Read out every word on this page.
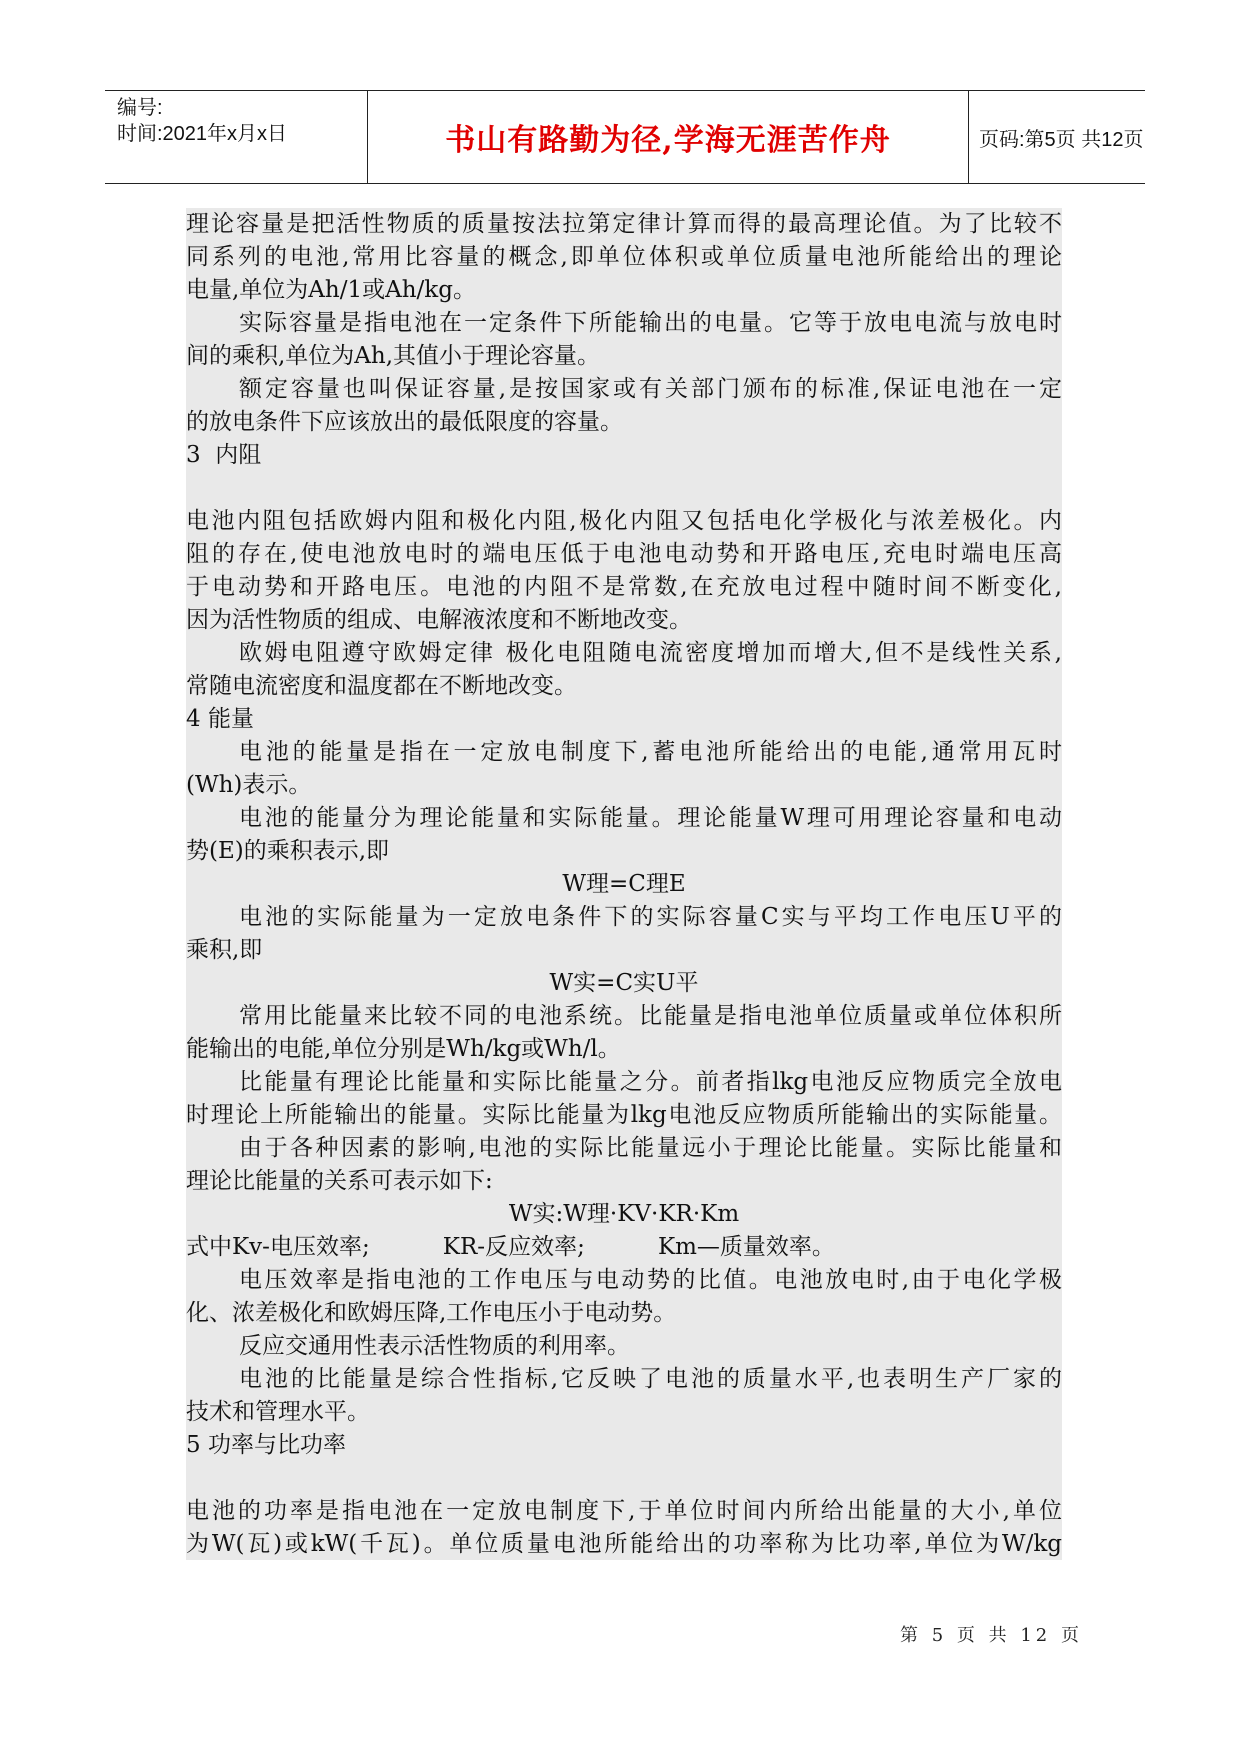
编号:
时间:2021年x月x日	书山有路勤为径,学海无涯苦作舟	页码:第5页 共12页
理论容量是把活性物质的质量按法拉第定律计算而得的最高理论值。为了比较不
同系列的电池,常用比容量的概念,即单位体积或单位质量电池所能给出的理论
电量,单位为Ah/1或Ah/kg。
实际容量是指电池在一定条件下所能输出的电量。它等于放电电流与放电时
间的乘积,单位为Ah,其值小于理论容量。
额定容量也叫保证容量,是按国家或有关部门颁布的标准,保证电池在一定
的放电条件下应该放出的最低限度的容量。
3  内阻
电池内阻包括欧姆内阻和极化内阻,极化内阻又包括电化学极化与浓差极化。内
阻的存在,使电池放电时的端电压低于电池电动势和开路电压,充电时端电压高
于电动势和开路电压。电池的内阻不是常数,在充放电过程中随时间不断变化,
因为活性物质的组成、电解液浓度和不断地改变。
欧姆电阻遵守欧姆定律 极化电阻随电流密度增加而增大,但不是线性关系,
常随电流密度和温度都在不断地改变。
4 能量
电池的能量是指在一定放电制度下,蓄电池所能给出的电能,通常用瓦时
(Wh)表示。
电池的能量分为理论能量和实际能量。理论能量W理可用理论容量和电动
势(E)的乘积表示,即
W理=C理E
电池的实际能量为一定放电条件下的实际容量C实与平均工作电压U平的
乘积,即
W实=C实U平
常用比能量来比较不同的电池系统。比能量是指电池单位质量或单位体积所
能输出的电能,单位分别是Wh/kg或Wh/l。
比能量有理论比能量和实际比能量之分。前者指lkg电池反应物质完全放电
时理论上所能输出的能量。实际比能量为lkg电池反应物质所能输出的实际能量。
由于各种因素的影响,电池的实际比能量远小于理论比能量。实际比能量和
理论比能量的关系可表示如下:
W实:W理·KV·KR·Km
式中Kv-电压效率;          KR-反应效率;          Km—质量效率。
电压效率是指电池的工作电压与电动势的比值。电池放电时,由于电化学极
化、浓差极化和欧姆压降,工作电压小于电动势。
反应交通用性表示活性物质的利用率。
电池的比能量是综合性指标,它反映了电池的质量水平,也表明生产厂家的
技术和管理水平。
5 功率与比功率
电池的功率是指电池在一定放电制度下,于单位时间内所给出能量的大小,单位
为W(瓦)或kW(千瓦)。单位质量电池所能给出的功率称为比功率,单位为W/kg
第 5 页 共 12 页
